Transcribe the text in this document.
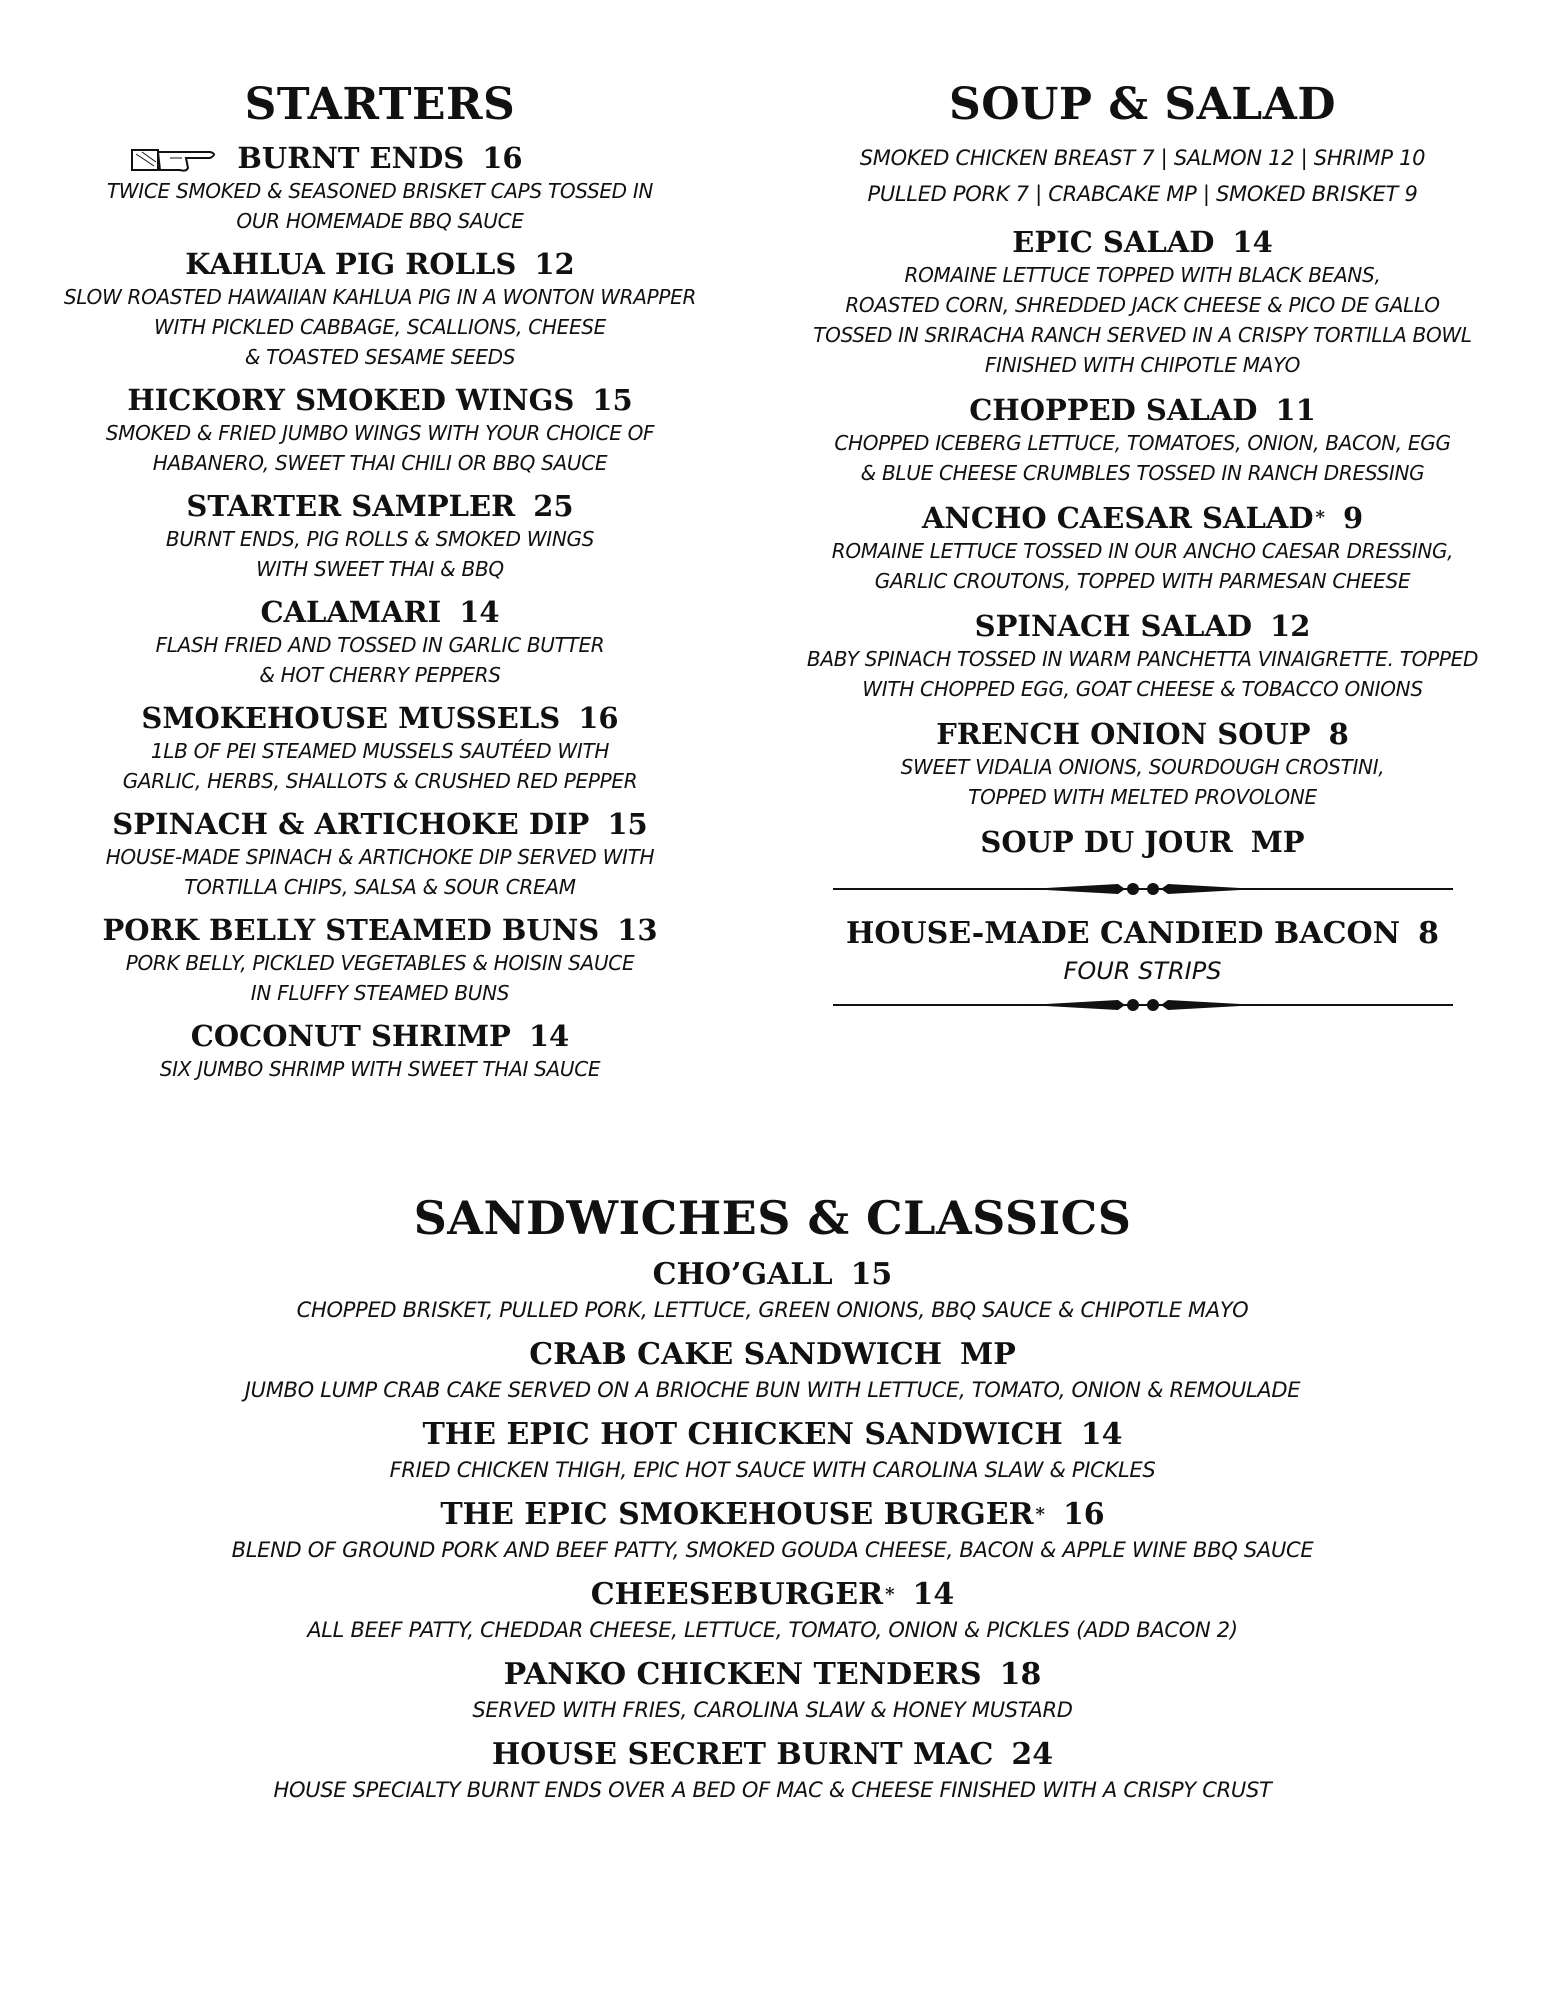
STARTERS

BURNT ENDS 16

TWICE SMOKED & SEASONED BRISKET CAPS TOSSED IN

OUR HOMEMADE BBQ SAUCE

KAHLUA PIG ROLLS 12

SLOW ROASTED HAWAIIAN KAHLUA PIG IN A WONTON WRAPPER

WITH PICKLED CABBAGE, SCALLIONS, CHEESE

& TOASTED SESAME SEEDS

HICKORY SMOKED WINGS 15

SMOKED & FRIED JUMBO WINGS WITH YOUR CHOICE OF

HABANERO, SWEET THAI CHILI OR BBQ SAUCE

STARTER SAMPLER 25

BURNT ENDS, PIG ROLLS & SMOKED WINGS

WITH SWEET THAI & BBQ

CALAMARI 14

FLASH FRIED AND TOSSED IN GARLIC BUTTER

& HOT CHERRY PEPPERS

SMOKEHOUSE MUSSELS 16

1LB OF PEI STEAMED MUSSELS SAUTÉED WITH

GARLIC, HERBS, SHALLOTS & CRUSHED RED PEPPER

SPINACH & ARTICHOKE DIP 15

HOUSE-MADE SPINACH & ARTICHOKE DIP SERVED WITH

TORTILLA CHIPS, SALSA & SOUR CREAM

PORK BELLY STEAMED BUNS 13

PORK BELLY, PICKLED VEGETABLES & HOISIN SAUCE

IN FLUFFY STEAMED BUNS

COCONUT SHRIMP 14

SIX JUMBO SHRIMP WITH SWEET THAI SAUCE

SOUP & SALAD

SMOKED CHICKEN BREAST 7 | SALMON 12 | SHRIMP 10

PULLED PORK 7 | CRABCAKE MP | SMOKED BRISKET 9

EPIC SALAD 14

ROMAINE LETTUCE TOPPED WITH BLACK BEANS,

ROASTED CORN, SHREDDED JACK CHEESE & PICO DE GALLO

TOSSED IN SRIRACHA RANCH SERVED IN A CRISPY TORTILLA BOWL

FINISHED WITH CHIPOTLE MAYO

CHOPPED SALAD 11

CHOPPED ICEBERG LETTUCE, TOMATOES, ONION, BACON, EGG

& BLUE CHEESE CRUMBLES TOSSED IN RANCH DRESSING

ANCHO CAESAR SALAD * 9

ROMAINE LETTUCE TOSSED IN OUR ANCHO CAESAR DRESSING,

GARLIC CROUTONS, TOPPED WITH PARMESAN CHEESE

SPINACH SALAD 12

BABY SPINACH TOSSED IN WARM PANCHETTA VINAIGRETTE. TOPPED

WITH CHOPPED EGG, GOAT CHEESE & TOBACCO ONIONS

FRENCH ONION SOUP 8

SWEET VIDALIA ONIONS, SOURDOUGH CROSTINI,

TOPPED WITH MELTED PROVOLONE

SOUP DU JOUR MP

HOUSE-MADE CANDIED BACON 8

FOUR STRIPS

SANDWICHES & CLASSICS

CHO’GALL 15

CHOPPED BRISKET, PULLED PORK, LETTUCE, GREEN ONIONS, BBQ SAUCE & CHIPOTLE MAYO

CRAB CAKE SANDWICH MP

JUMBO LUMP CRAB CAKE SERVED ON A BRIOCHE BUN WITH LETTUCE, TOMATO, ONION & REMOULADE

THE EPIC HOT CHICKEN SANDWICH 14

FRIED CHICKEN THIGH, EPIC HOT SAUCE WITH CAROLINA SLAW & PICKLES

THE EPIC SMOKEHOUSE BURGER * 16

BLEND OF GROUND PORK AND BEEF PATTY, SMOKED GOUDA CHEESE, BACON & APPLE WINE BBQ SAUCE

CHEESEBURGER * 14

ALL BEEF PATTY, CHEDDAR CHEESE, LETTUCE, TOMATO, ONION & PICKLES (ADD BACON 2)

PANKO CHICKEN TENDERS 18

SERVED WITH FRIES, CAROLINA SLAW & HONEY MUSTARD

HOUSE SECRET BURNT MAC 24

HOUSE SPECIALTY BURNT ENDS OVER A BED OF MAC & CHEESE FINISHED WITH A CRISPY CRUST
